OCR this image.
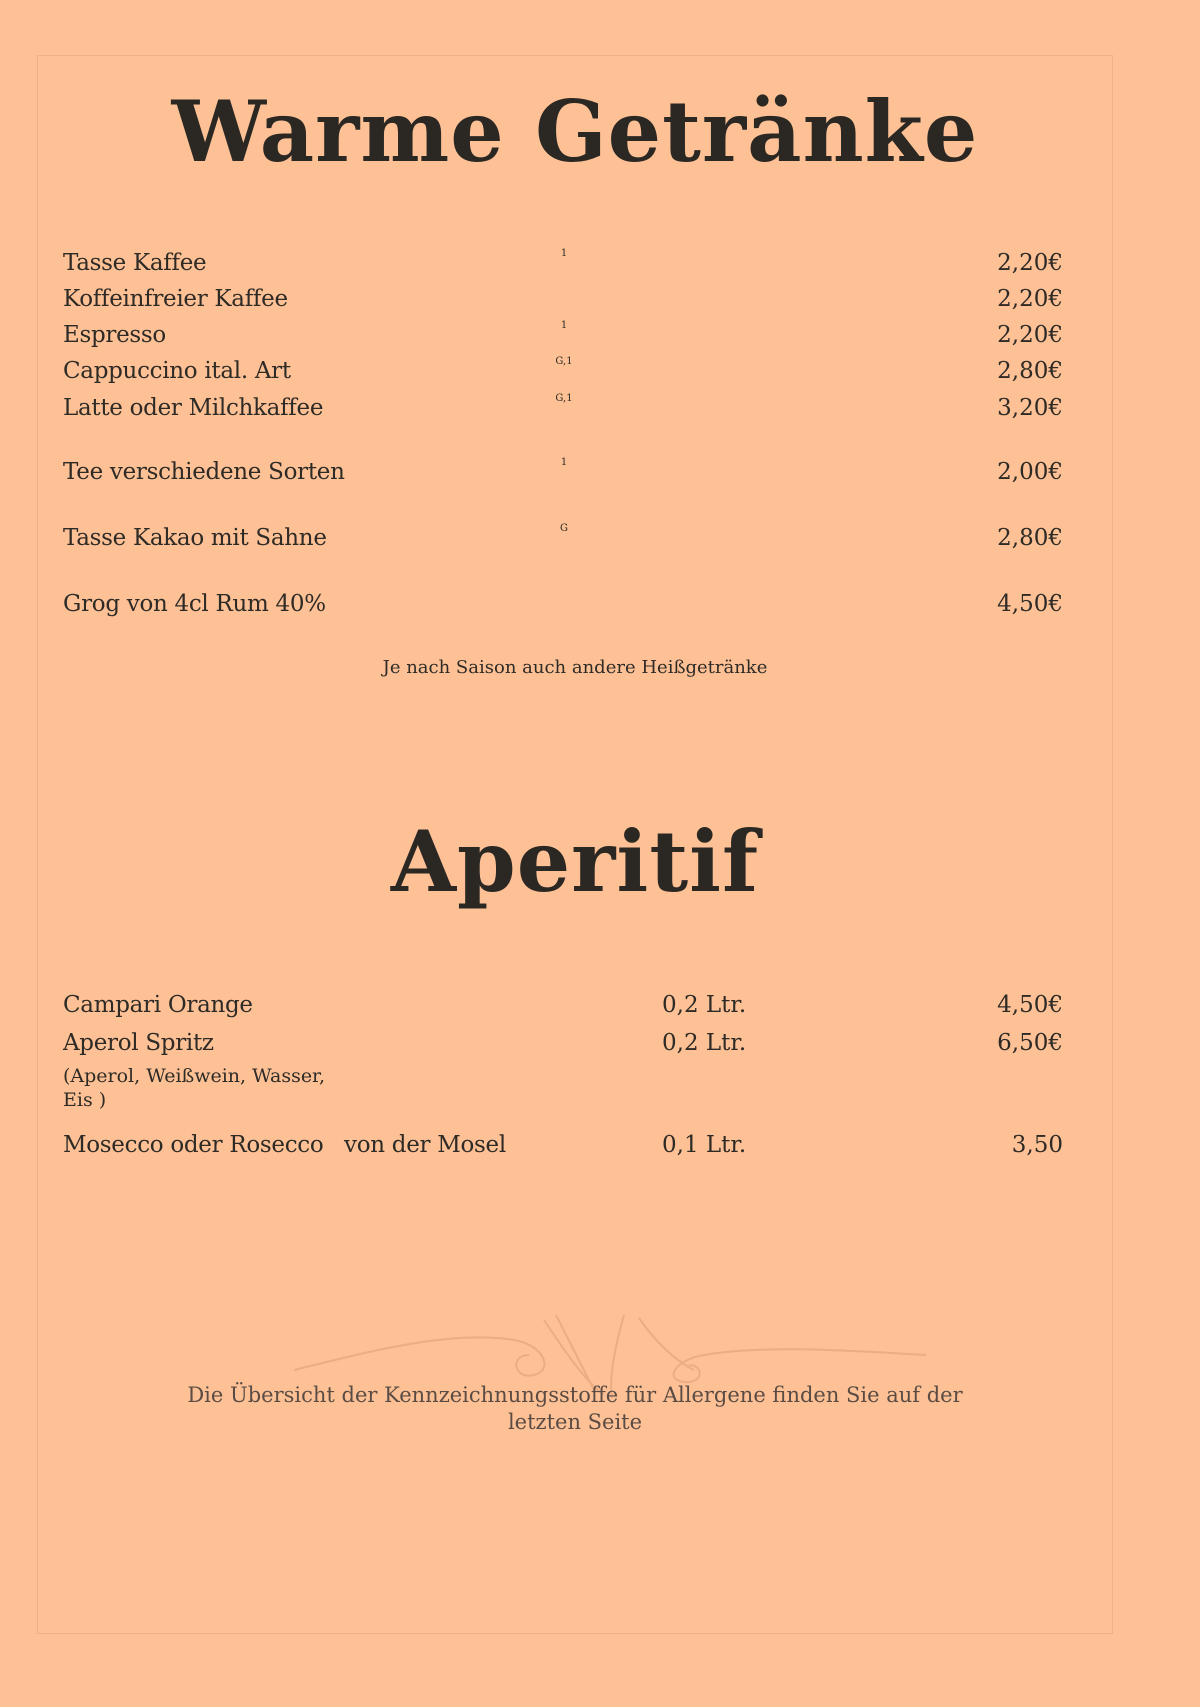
Warme Getränke
Tasse Kaffee	1	2,20€
Koffeinfreier Kaffee	2,20€
Espresso	1	2,20€
Cappuccino ital. Art	G,1	2,80€
Latte oder Milchkaffee	G,1	3,20€
Tee verschiedene Sorten	1	2,00€
Tasse Kakao mit Sahne	G	2,80€
Grog von 4cl Rum 40%	4,50€
Je nach Saison auch andere Heißgetränke
Aperitif
Campari Orange	0,2 Ltr.	4,50€
Aperol Spritz	0,2 Ltr.	6,50€
(Aperol, Weißwein, Wasser,
Eis )
Mosecco oder Rosecco von der Mosel	0,1 Ltr.	3,50
Die Übersicht der Kennzeichnungsstoffe für Allergene finden Sie auf der
letzten Seite
